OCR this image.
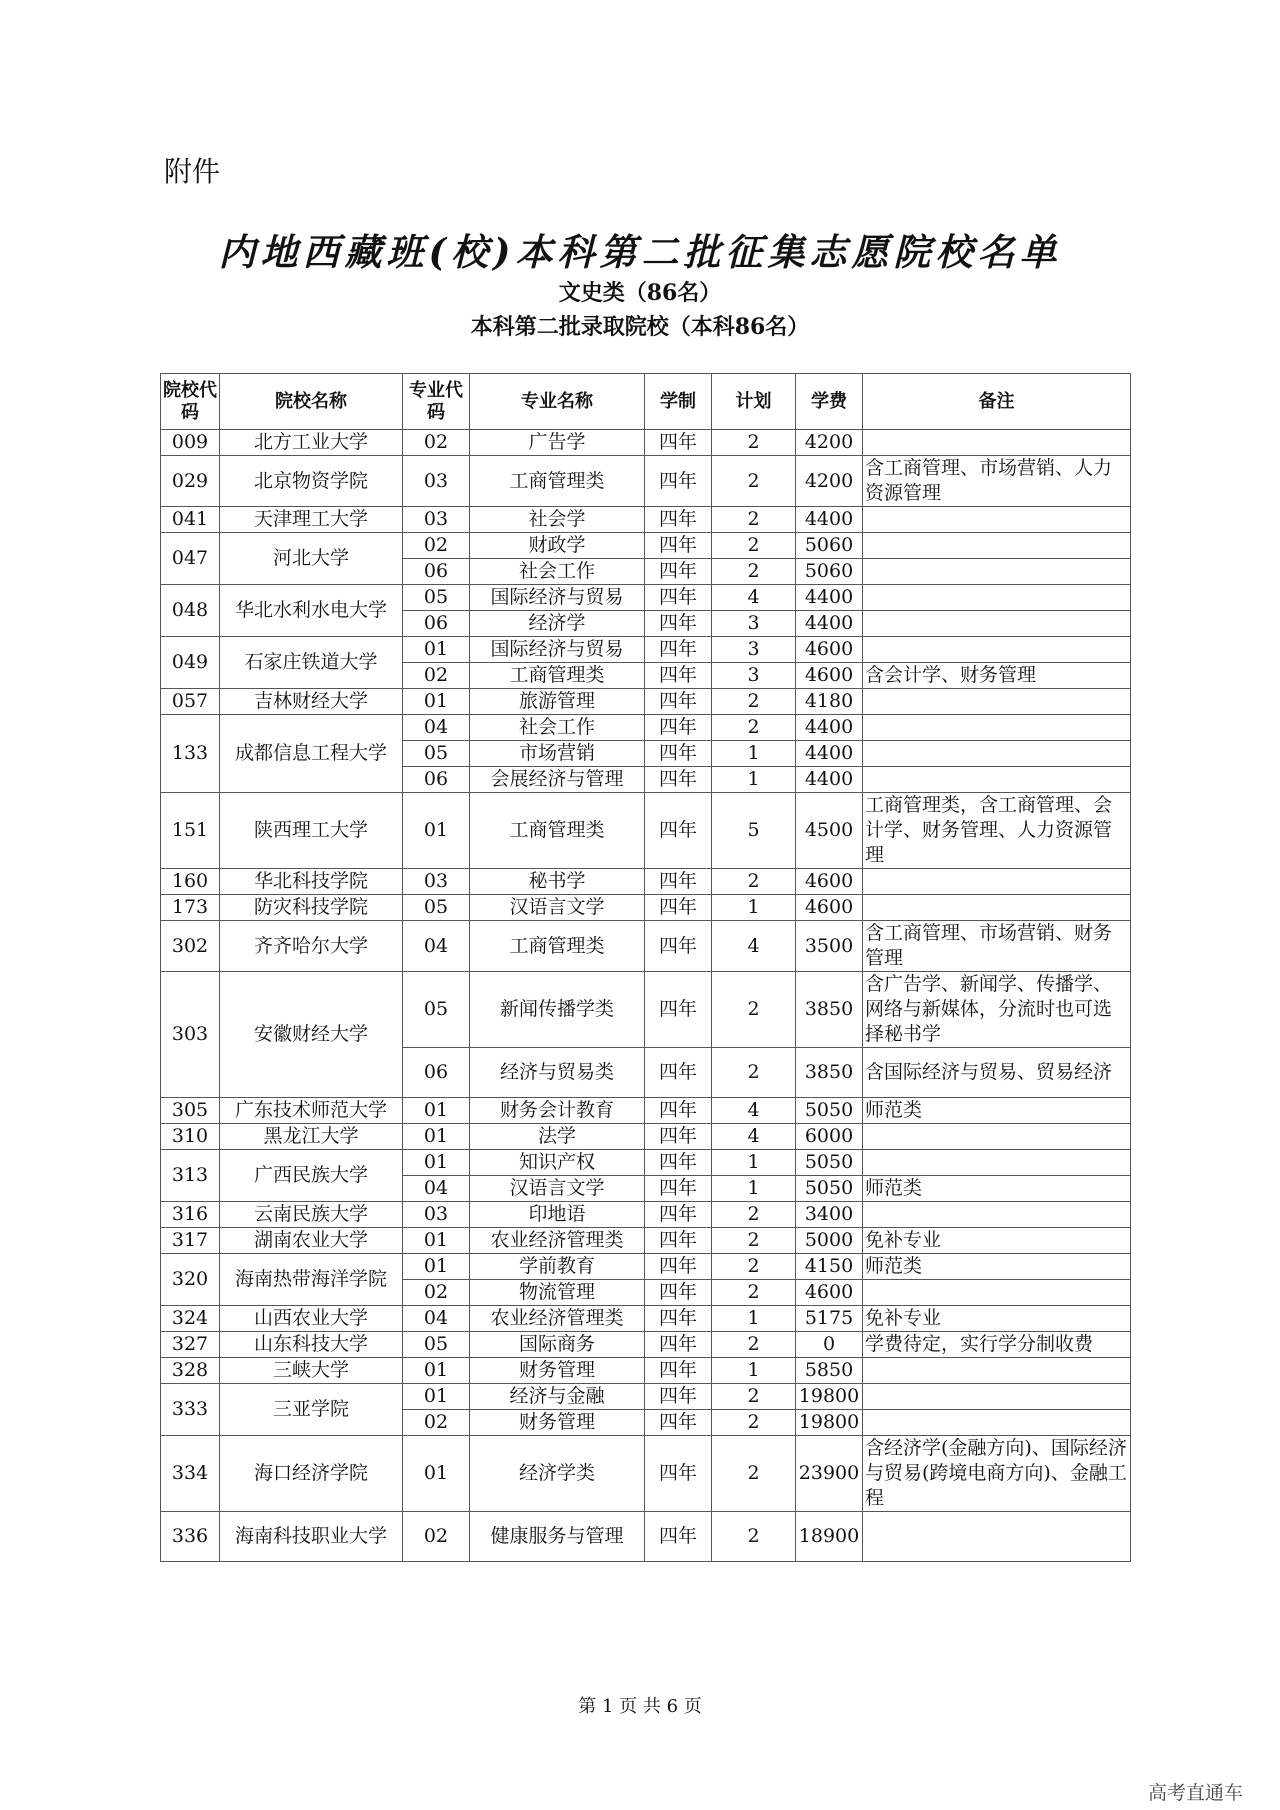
附件
内地西藏班(校)本科第二批征集志愿院校名单
文史类（86名）
本科第二批录取院校（本科86名）
院校代码	院校名称	专业代码	专业名称	学制	计划	学费	备注
009	北方工业大学	02	广告学	四年	2	4200	
029	北京物资学院	03	工商管理类	四年	2	4200	含工商管理、市场营销、人力资源管理
041	天津理工大学	03	社会学	四年	2	4400	
047	河北大学	02	财政学	四年	2	5060	
		06	社会工作	四年	2	5060	
048	华北水利水电大学	05	国际经济与贸易	四年	4	4400	
		06	经济学	四年	3	4400	
049	石家庄铁道大学	01	国际经济与贸易	四年	3	4600	
		02	工商管理类	四年	3	4600	含会计学、财务管理
057	吉林财经大学	01	旅游管理	四年	2	4180	
133	成都信息工程大学	04	社会工作	四年	2	4400	
		05	市场营销	四年	1	4400	
		06	会展经济与管理	四年	1	4400	
151	陕西理工大学	01	工商管理类	四年	5	4500	工商管理类，含工商管理、会计学、财务管理、人力资源管理
160	华北科技学院	03	秘书学	四年	2	4600	
173	防灾科技学院	05	汉语言文学	四年	1	4600	
302	齐齐哈尔大学	04	工商管理类	四年	4	3500	含工商管理、市场营销、财务管理
303	安徽财经大学	05	新闻传播学类	四年	2	3850	含广告学、新闻学、传播学、网络与新媒体，分流时也可选择秘书学
		06	经济与贸易类	四年	2	3850	含国际经济与贸易、贸易经济
305	广东技术师范大学	01	财务会计教育	四年	4	5050	师范类
310	黑龙江大学	01	法学	四年	4	6000	
313	广西民族大学	01	知识产权	四年	1	5050	
		04	汉语言文学	四年	1	5050	师范类
316	云南民族大学	03	印地语	四年	2	3400	
317	湖南农业大学	01	农业经济管理类	四年	2	5000	免补专业
320	海南热带海洋学院	01	学前教育	四年	2	4150	师范类
		02	物流管理	四年	2	4600	
324	山西农业大学	04	农业经济管理类	四年	1	5175	免补专业
327	山东科技大学	05	国际商务	四年	2	0	学费待定，实行学分制收费
328	三峡大学	01	财务管理	四年	1	5850	
333	三亚学院	01	经济与金融	四年	2	19800	
		02	财务管理	四年	2	19800	
334	海口经济学院	01	经济学类	四年	2	23900	含经济学(金融方向)、国际经济与贸易(跨境电商方向)、金融工程
336	海南科技职业大学	02	健康服务与管理	四年	2	18900	
第 1 页 共 6 页
高考直通车
